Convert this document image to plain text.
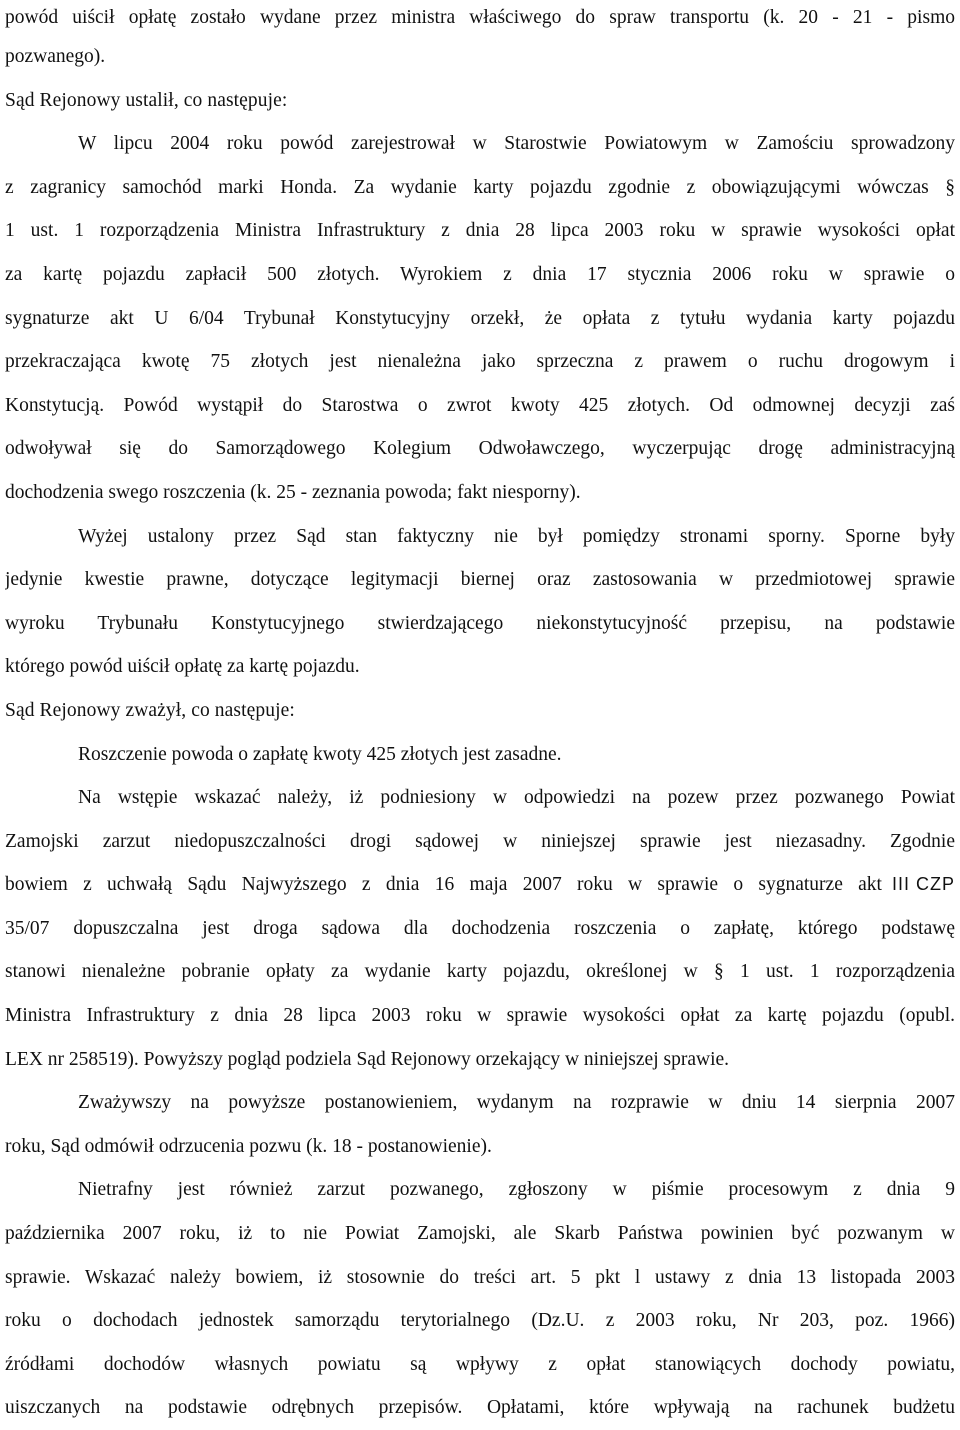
powód uiścił opłatę zostało wydane przez ministra właściwego do spraw transportu (k. 20 - 21 - pismo
pozwanego).
Sąd Rejonowy ustalił, co następuje:
W lipcu 2004 roku powód zarejestrował w Starostwie Powiatowym w Zamościu sprowadzony
z zagranicy samochód marki Honda. Za wydanie karty pojazdu zgodnie z obowiązującymi wówczas §
1 ust. 1 rozporządzenia Ministra Infrastruktury z dnia 28 lipca 2003 roku w sprawie wysokości opłat
za kartę pojazdu zapłacił 500 złotych. Wyrokiem z dnia 17 stycznia 2006 roku w sprawie o
sygnaturze akt U 6/04 Trybunał Konstytucyjny orzekł, że opłata z tytułu wydania karty pojazdu
przekraczająca kwotę 75 złotych jest nienależna jako sprzeczna z prawem o ruchu drogowym i
Konstytucją. Powód wystąpił do Starostwa o zwrot kwoty 425 złotych. Od odmownej decyzji zaś
odwoływał się do Samorządowego Kolegium Odwoławczego, wyczerpując drogę administracyjną
dochodzenia swego roszczenia (k. 25 - zeznania powoda; fakt niesporny).
Wyżej ustalony przez Sąd stan faktyczny nie był pomiędzy stronami sporny. Sporne były
jedynie kwestie prawne, dotyczące legitymacji biernej oraz zastosowania w przedmiotowej sprawie
wyroku Trybunału Konstytucyjnego stwierdzającego niekonstytucyjność przepisu, na podstawie
którego powód uiścił opłatę za kartę pojazdu.
Sąd Rejonowy zważył, co następuje:
Roszczenie powoda o zapłatę kwoty 425 złotych jest zasadne.
Na wstępie wskazać należy, iż podniesiony w odpowiedzi na pozew przez pozwanego Powiat
Zamojski zarzut niedopuszczalności drogi sądowej w niniejszej sprawie jest niezasadny. Zgodnie
bowiem z uchwałą Sądu Najwyższego z dnia 16 maja 2007 roku w sprawie o sygnaturze akt III CZP
35/07 dopuszczalna jest droga sądowa dla dochodzenia roszczenia o zapłatę, którego podstawę
stanowi nienależne pobranie opłaty za wydanie karty pojazdu, określonej w § 1 ust. 1 rozporządzenia
Ministra Infrastruktury z dnia 28 lipca 2003 roku w sprawie wysokości opłat za kartę pojazdu (opubl.
LEX nr 258519). Powyższy pogląd podziela Sąd Rejonowy orzekający w niniejszej sprawie.
Zważywszy na powyższe postanowieniem, wydanym na rozprawie w dniu 14 sierpnia 2007
roku, Sąd odmówił odrzucenia pozwu (k. 18 - postanowienie).
Nietrafny jest również zarzut pozwanego, zgłoszony w piśmie procesowym z dnia 9
października 2007 roku, iż to nie Powiat Zamojski, ale Skarb Państwa powinien być pozwanym w
sprawie. Wskazać należy bowiem, iż stosownie do treści art. 5 pkt l ustawy z dnia 13 listopada 2003
roku o dochodach jednostek samorządu terytorialnego (Dz.U. z 2003 roku, Nr 203, poz. 1966)
źródłami dochodów własnych powiatu są wpływy z opłat stanowiących dochody powiatu,
uiszczanych na podstawie odrębnych przepisów. Opłatami, które wpływają na rachunek budżetu
